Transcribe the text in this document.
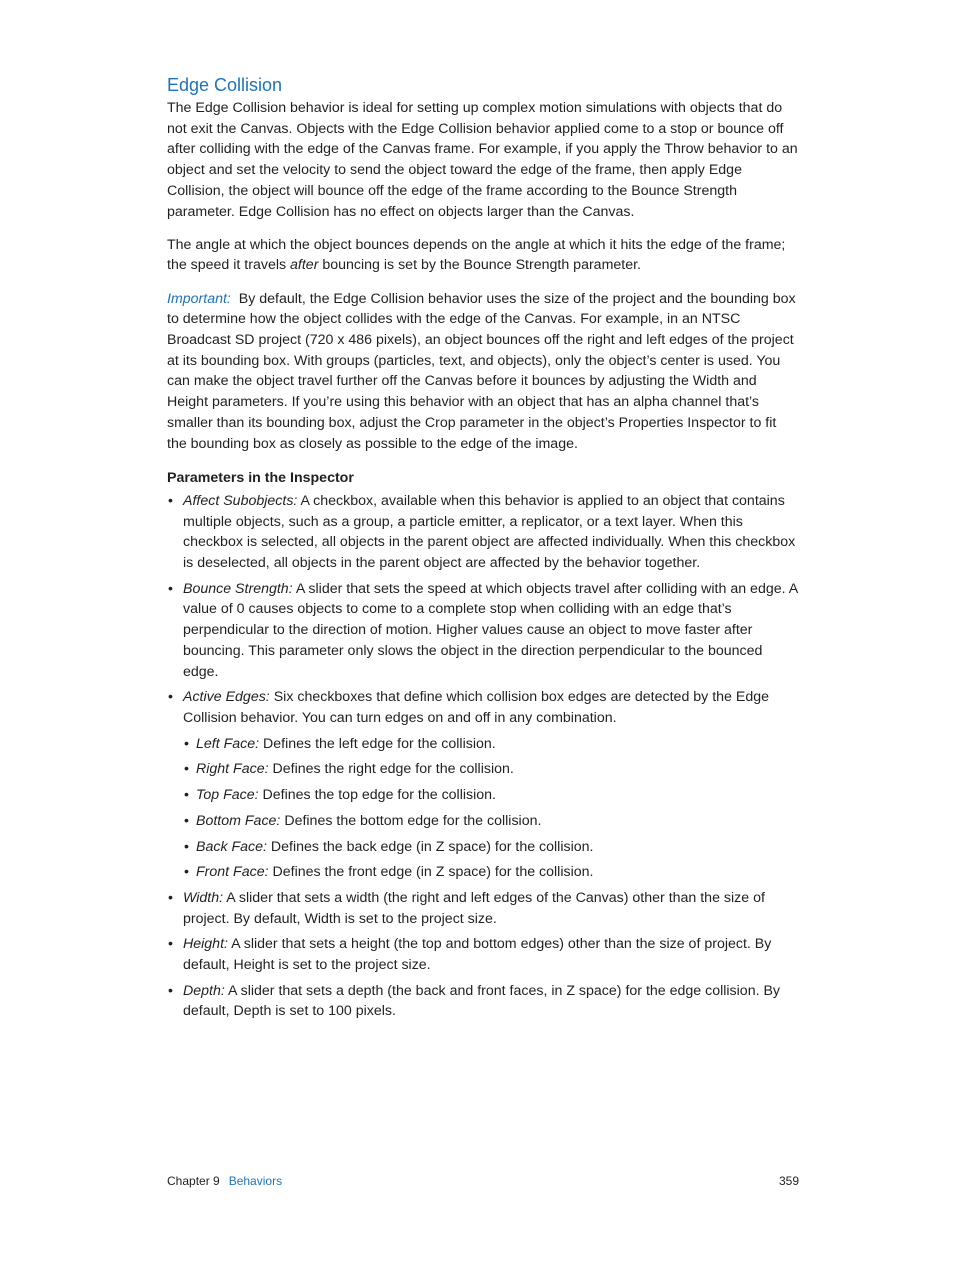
Edge Collision

The Edge Collision behavior is ideal for setting up complex motion simulations with objects that do not exit the Canvas. Objects with the Edge Collision behavior applied come to a stop or bounce off after colliding with the edge of the Canvas frame. For example, if you apply the Throw behavior to an object and set the velocity to send the object toward the edge of the frame, then apply Edge Collision, the object will bounce off the edge of the frame according to the Bounce Strength parameter. Edge Collision has no effect on objects larger than the Canvas.

The angle at which the object bounces depends on the angle at which it hits the edge of the frame; the speed it travels after bouncing is set by the Bounce Strength parameter.

Important: By default, the Edge Collision behavior uses the size of the project and the bounding box to determine how the object collides with the edge of the Canvas. For example, in an NTSC Broadcast SD project (720 x 486 pixels), an object bounces off the right and left edges of the project at its bounding box. With groups (particles, text, and objects), only the object’s center is used. You can make the object travel further off the Canvas before it bounces by adjusting the Width and Height parameters. If you’re using this behavior with an object that has an alpha channel that’s smaller than its bounding box, adjust the Crop parameter in the object’s Properties Inspector to fit the bounding box as closely as possible to the edge of the image.

Parameters in the Inspector
• Affect Subobjects: A checkbox, available when this behavior is applied to an object that contains multiple objects, such as a group, a particle emitter, a replicator, or a text layer. When this checkbox is selected, all objects in the parent object are affected individually. When this checkbox is deselected, all objects in the parent object are affected by the behavior together.
• Bounce Strength: A slider that sets the speed at which objects travel after colliding with an edge. A value of 0 causes objects to come to a complete stop when colliding with an edge that’s perpendicular to the direction of motion. Higher values cause an object to move faster after bouncing. This parameter only slows the object in the direction perpendicular to the bounced edge.
• Active Edges: Six checkboxes that define which collision box edges are detected by the Edge Collision behavior. You can turn edges on and off in any combination.
• Left Face: Defines the left edge for the collision.
• Right Face: Defines the right edge for the collision.
• Top Face: Defines the top edge for the collision.
• Bottom Face: Defines the bottom edge for the collision.
• Back Face: Defines the back edge (in Z space) for the collision.
• Front Face: Defines the front edge (in Z space) for the collision.
• Width: A slider that sets a width (the right and left edges of the Canvas) other than the size of project. By default, Width is set to the project size.
• Height: A slider that sets a height (the top and bottom edges) other than the size of project. By default, Height is set to the project size.
• Depth: A slider that sets a depth (the back and front faces, in Z space) for the edge collision. By default, Depth is set to 100 pixels.
Chapter 9 Behaviors	359
